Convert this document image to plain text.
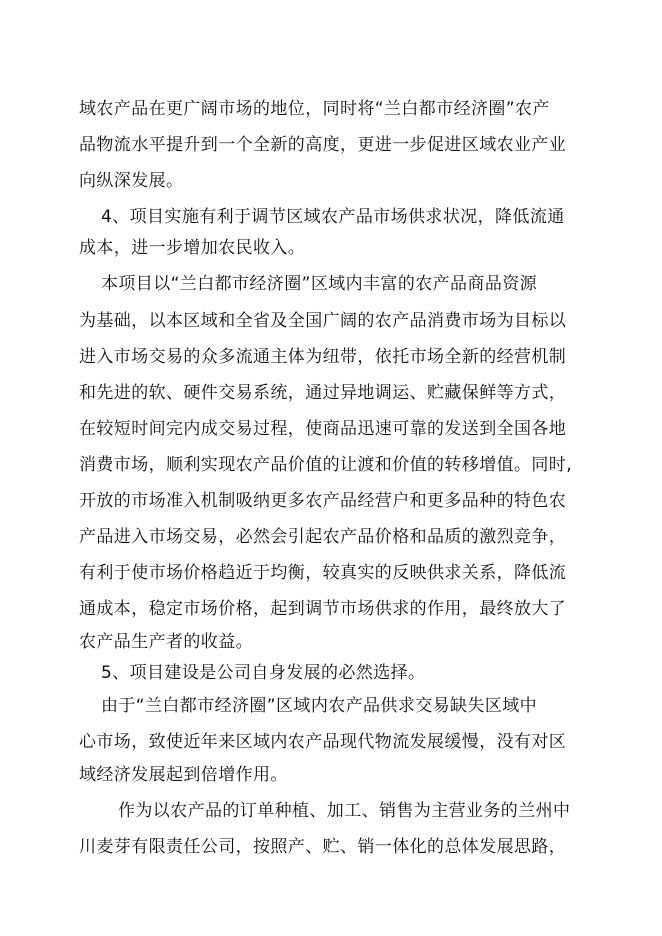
域农产品在更广阔市场的地位，同时将“兰白都市经济圈”农产
品物流水平提升到一个全新的高度，更进一步促进区域农业产业
向纵深发展。
4、项目实施有利于调节区域农产品市场供求状况，降低流通
成本，进一步增加农民收入。
本项目以“兰白都市经济圈”区域内丰富的农产品商品资源
为基础，以本区域和全省及全国广阔的农产品消费市场为目标以
进入市场交易的众多流通主体为纽带，依托市场全新的经营机制
和先进的软、硬件交易系统，通过异地调运、贮藏保鲜等方式，
在较短时间完内成交易过程，使商品迅速可靠的发送到全国各地
消费市场，顺利实现农产品价值的让渡和价值的转移增值。同时,
开放的市场准入机制吸纳更多农产品经营户和更多品种的特色农
产品进入市场交易，必然会引起农产品价格和品质的激烈竞争，
有利于使市场价格趋近于均衡，较真实的反映供求关系，降低流
通成本，稳定市场价格，起到调节市场供求的作用，最终放大了
农产品生产者的收益。
5、项目建设是公司自身发展的必然选择。
由于“兰白都市经济圈”区域内农产品供求交易缺失区域中
心市场，致使近年来区域内农产品现代物流发展缓慢，没有对区
域经济发展起到倍增作用。
作为以农产品的订单种植、加工、销售为主营业务的兰州中
川麦芽有限责任公司，按照产、贮、销一体化的总体发展思路，
